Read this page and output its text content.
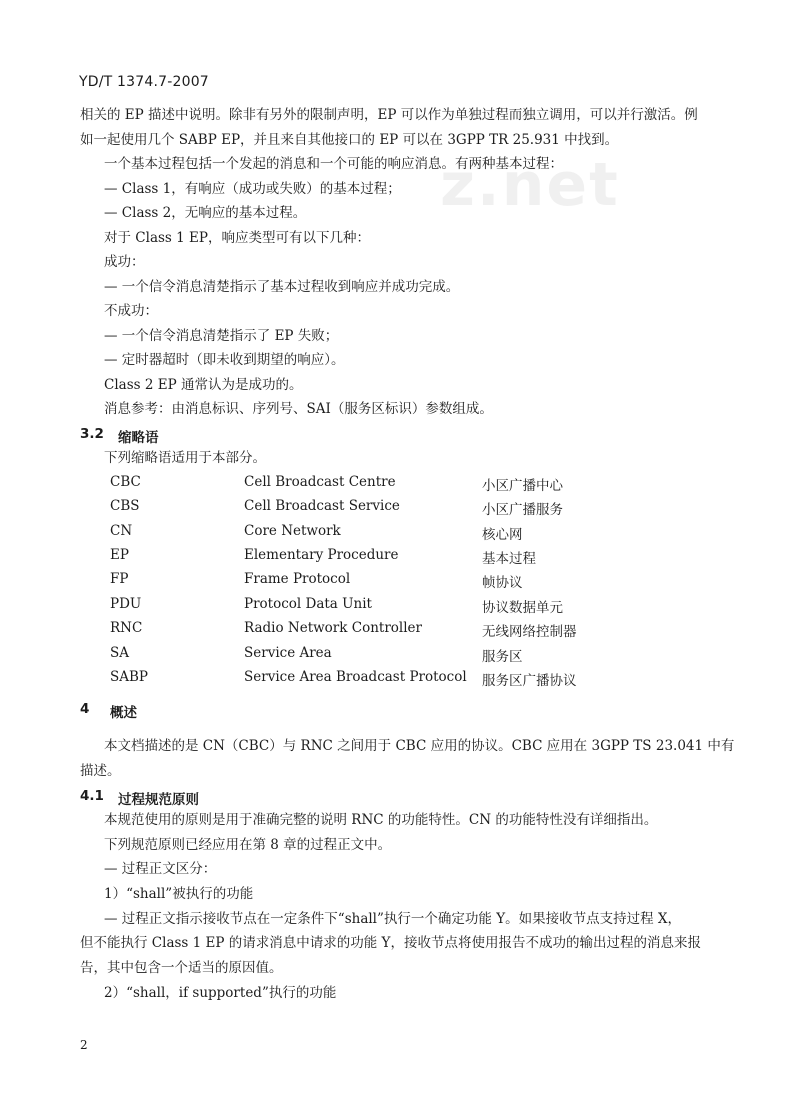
YD/T 1374.7-2007
z.net
相关的 EP 描述中说明。除非有另外的限制声明，EP 可以作为单独过程而独立调用，可以并行激活。例
如一起使用几个 SABP EP，并且来自其他接口的 EP 可以在 3GPP TR 25.931 中找到。
一个基本过程包括一个发起的消息和一个可能的响应消息。有两种基本过程：
— Class 1，有响应（成功或失败）的基本过程；
— Class 2，无响应的基本过程。
对于 Class 1 EP，响应类型可有以下几种：
成功：
— 一个信令消息清楚指示了基本过程收到响应并成功完成。
不成功：
— 一个信令消息清楚指示了 EP 失败；
— 定时器超时（即未收到期望的响应）。
Class 2 EP 通常认为是成功的。
消息参考：由消息标识、序列号、SAI（服务区标识）参数组成。
3.2 缩略语
下列缩略语适用于本部分。
CBC	Cell Broadcast Centre	小区广播中心
CBS	Cell Broadcast Service	小区广播服务
CN	Core Network	核心网
EP	Elementary Procedure	基本过程
FP	Frame Protocol	帧协议
PDU	Protocol Data Unit	协议数据单元
RNC	Radio Network Controller	无线网络控制器
SA	Service Area	服务区
SABP	Service Area Broadcast Protocol 服务区广播协议
4 概述
本文档描述的是 CN（CBC）与 RNC 之间用于 CBC 应用的协议。CBC 应用在 3GPP TS 23.041 中有
描述。
4.1 过程规范原则
本规范使用的原则是用于准确完整的说明 RNC 的功能特性。CN 的功能特性没有详细指出。
下列规范原则已经应用在第 8 章的过程正文中。
— 过程正文区分：
1）“shall”被执行的功能
— 过程正文指示接收节点在一定条件下“shall”执行一个确定功能 Y。如果接收节点支持过程 X，
但不能执行 Class 1 EP 的请求消息中请求的功能 Y，接收节点将使用报告不成功的输出过程的消息来报
告，其中包含一个适当的原因值。
2）“shall，if supported”执行的功能
2
